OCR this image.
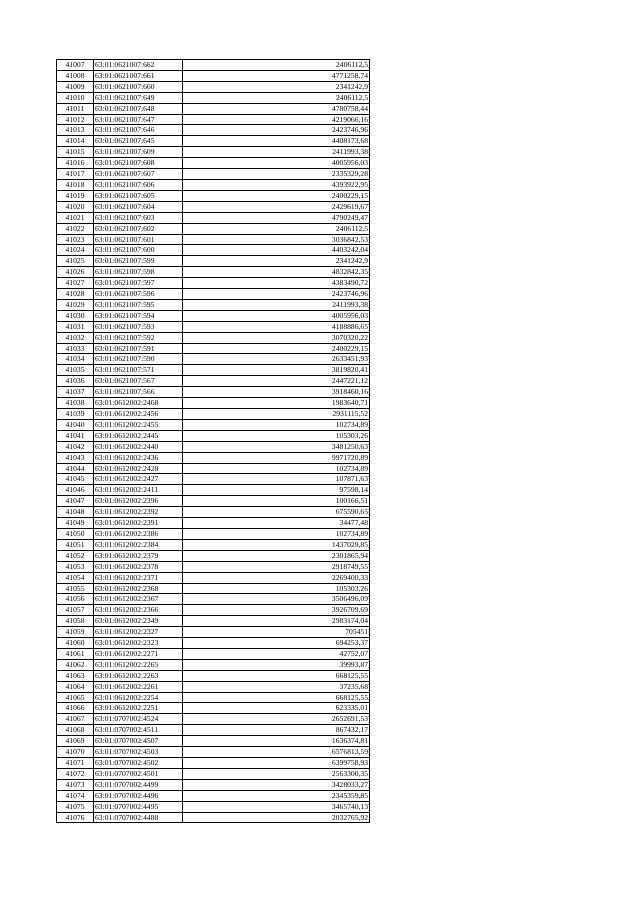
41007	63:01:0621007:662	2406112,5
41008	63:01:0621007:661	4771258,74
41009	63:01:0621007:660	2341242,9
41010	63:01:0621007:649	2406112,5
41011	63:01:0621007:648	4780758,44
41012	63:01:0621007:647	4219066,16
41013	63:01:0621007:646	2423746,96
41014	63:01:0621007:645	4408173,68
41015	63:01:0621007:609	2411993,38
41016	63:01:0621007:608	4005956,03
41017	63:01:0621007:607	2335329,28
41018	63:01:0621007:606	4393922,95
41019	63:01:0621007:605	2400229,15
41020	63:01:0621007:604	2429619,67
41021	63:01:0621007:603	4790249,47
41022	63:01:0621007:602	2406112,5
41023	63:01:0621007:601	3036842,53
41024	63:01:0621007:600	4403242,04
41025	63:01:0621007:599	2341242,9
41026	63:01:0621007:598	4832842,35
41027	63:01:0621007:597	4383490,72
41028	63:01:0621007:596	2423746,96
41029	63:01:0621007:595	2411993,38
41030	63:01:0621007:594	4005956,03
41031	63:01:0621007:593	4188886,65
41032	63:01:0621007:592	3070320,22
41033	63:01:0621007:591	2400229,15
41034	63:01:0621007:590	2633451,93
41035	63:01:0621007:571	3819820,41
41036	63:01:0621007:567	2447221,12
41037	63:01:0621007:566	3918460,16
41038	63:01:0612002:2468	1983640,71
41039	63:01:0612002:2456	2931115,52
41040	63:01:0612002:2455	102734,89
41041	63:01:0612002:2445	105303,26
41042	63:01:0612002:2440	3481250,63
41043	63:01:0612002:2436	9971720,89
41044	63:01:0612002:2428	102734,89
41045	63:01:0612002:2427	107871,63
41046	63:01:0612002:2411	97598,14
41047	63:01:0612002:2396	100166,51
41048	63:01:0612002:2392	675590,65
41049	63:01:0612002:2391	34477,48
41050	63:01:0612002:2386	102734,89
41051	63:01:0612002:2384	1437029,85
41052	63:01:0612002:2379	2301865,94
41053	63:01:0612002:2378	2918749,55
41054	63:01:0612002:2371	2269400,33
41055	63:01:0612002:2368	105303,26
41056	63:01:0612002:2367	3506496,09
41057	63:01:0612002:2366	3926709,69
41058	63:01:0612002:2349	2983174,04
41059	63:01:0612002:2327	705451
41060	63:01:0612002:2323	694253,37
41061	63:01:0612002:2271	42752,07
41062	63:01:0612002:2265	39993,87
41063	63:01:0612002:2263	668125,55
41064	63:01:0612002:2261	37235,68
41065	63:01:0612002:2254	668125,55
41066	63:01:0612002:2251	623335,01
41067	63:01:0707002:4524	2652691,53
41068	63:01:0707002:4511	867432,17
41069	63:01:0707002:4507	1636374,81
41070	63:01:0707002:4503	6576813,59
41071	63:01:0707002:4502	6399758,93
41072	63:01:0707002:4501	2563300,35
41073	63:01:0707002:4499	3428033,27
41074	63:01:0707002:4496	2345359,85
41075	63:01:0707002:4495	3465740,13
41076	63:01:0707002:4488	2032765,92
